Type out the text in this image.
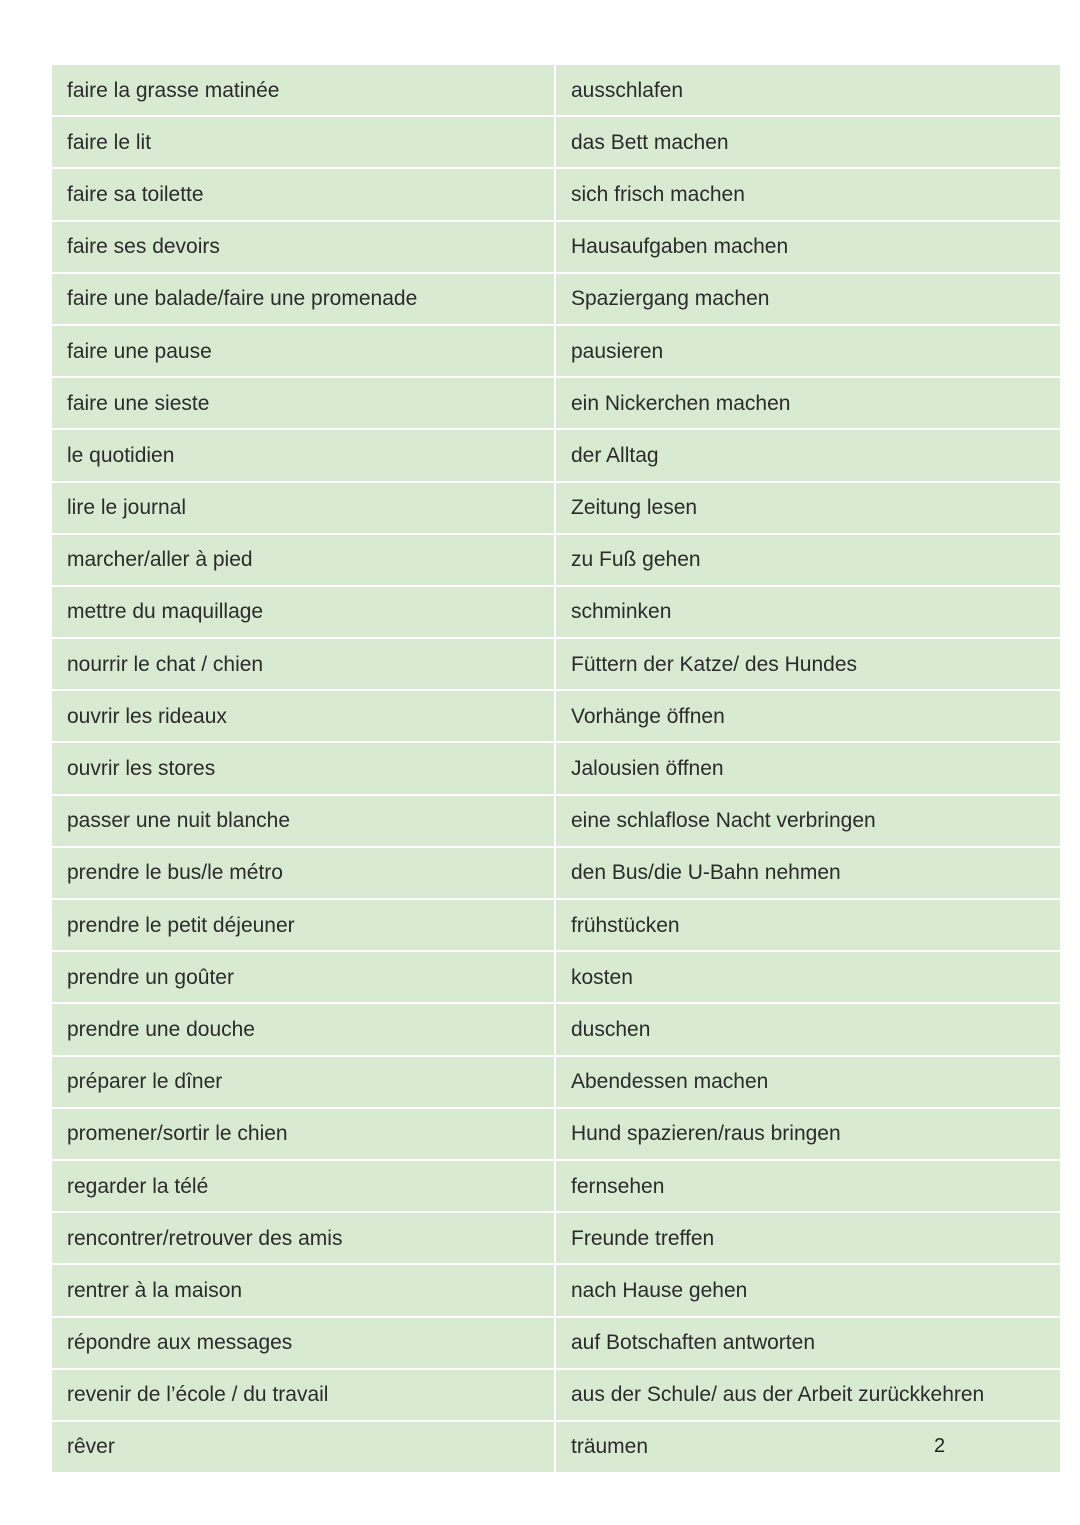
faire la grasse matinée	ausschlafen
faire le lit	das Bett machen
faire sa toilette	sich frisch machen
faire ses devoirs	Hausaufgaben machen
faire une balade/faire une promenade	Spaziergang machen
faire une pause	pausieren
faire une sieste	ein Nickerchen machen
le quotidien	der Alltag
lire le journal	Zeitung lesen
marcher/aller à pied	zu Fuß gehen
mettre du maquillage	schminken
nourrir le chat / chien	Füttern der Katze/ des Hundes
ouvrir les rideaux	Vorhänge öffnen
ouvrir les stores	Jalousien öffnen
passer une nuit blanche	eine schlaflose Nacht verbringen
prendre le bus/le métro	den Bus/die U-Bahn nehmen
prendre le petit déjeuner	frühstücken
prendre un goûter	kosten
prendre une douche	duschen
préparer le dîner	Abendessen machen
promener/sortir le chien	Hund spazieren/raus bringen
regarder la télé	fernsehen
rencontrer/retrouver des amis	Freunde treffen
rentrer à la maison	nach Hause gehen
répondre aux messages	auf Botschaften antworten
revenir de l’école / du travail	aus der Schule/ aus der Arbeit zurückkehren
rêver	träumen	2
